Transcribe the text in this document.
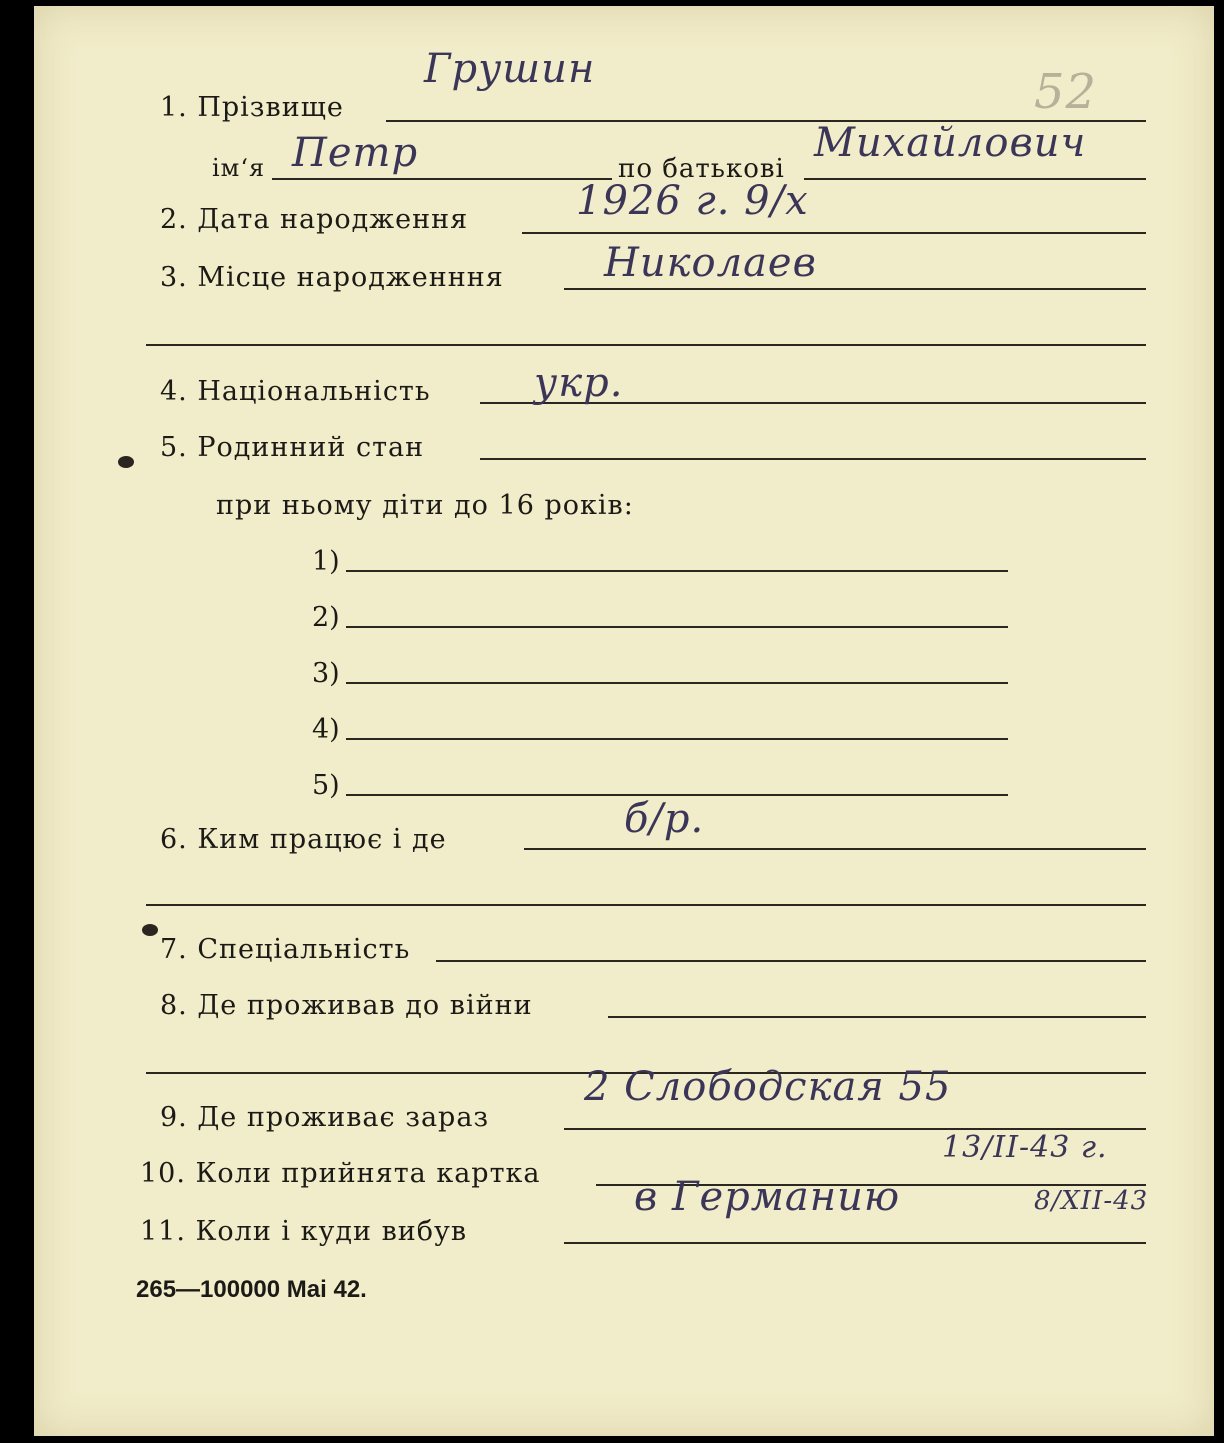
52
1. Прізвище
Грушин
ім‘я Петр	по батькові
Михайлович
2. Дата народження	1926 г. 9/х
3. Місце народженння	Николаев
4. Національність	укр.
5. Родинний стан
при ньому діти до 16 років:
1)
2)
3)
4)
5)
6. Ким працює і де	б/р.
7. Спеціальність
8. Де проживав до війни
9. Де проживає зараз
2 Слободская 55
10. Коли прийнята картка
13/II-43 г.
11. Коли і куди вибув
в Германию	8/XII-43
265—100000 Mai 42.
